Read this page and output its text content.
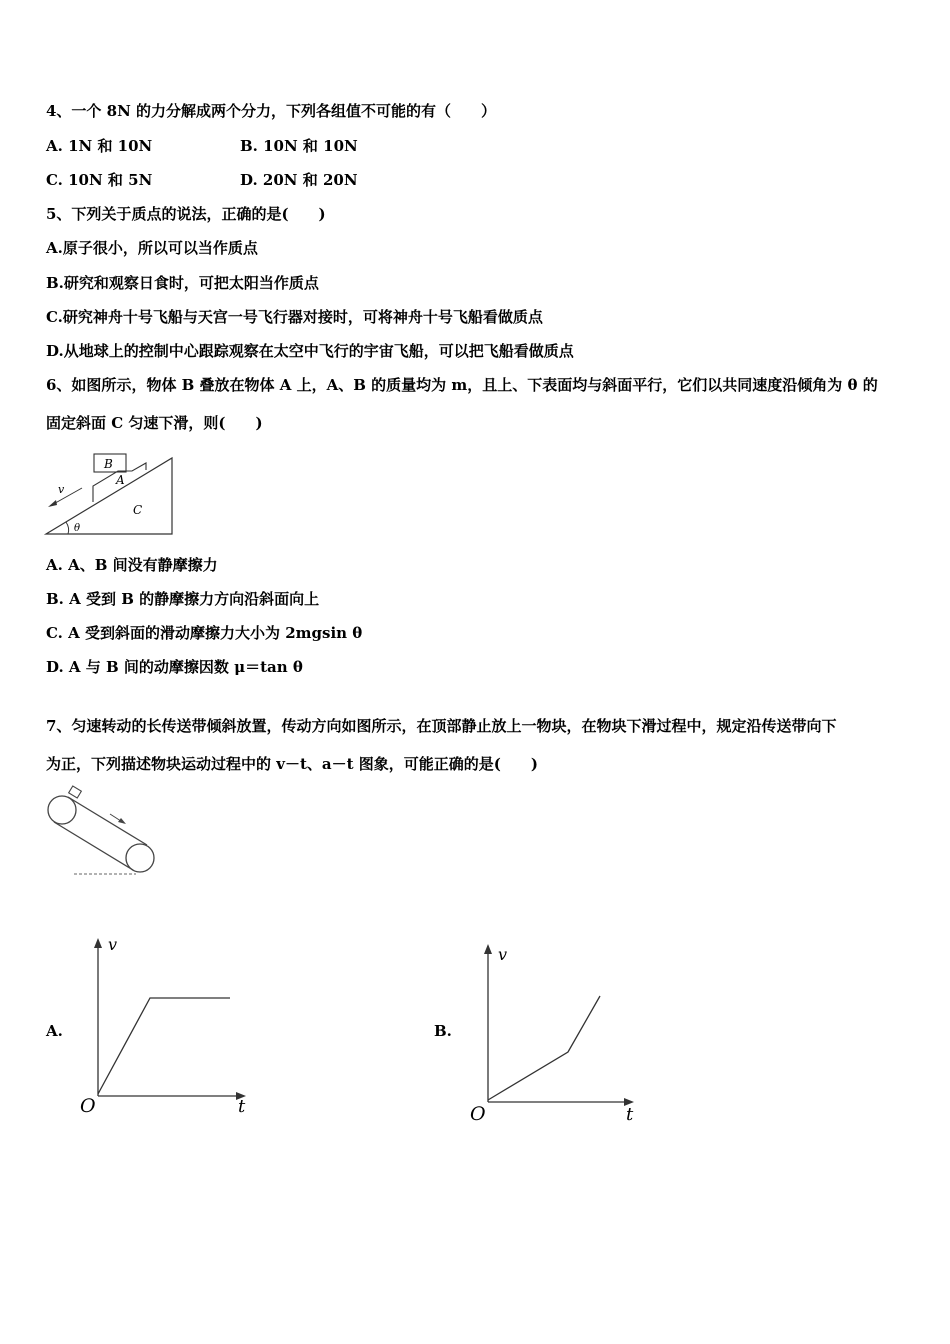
4、一个 8N 的力分解成两个分力，下列各组值不可能的有（　　）
A. 1N 和 10N	B. 10N 和 10N
C. 10N 和 5N	D. 20N 和 20N
5、下列关于质点的说法，正确的是(　　)
A.原子很小，所以可以当作质点
B.研究和观察日食时，可把太阳当作质点
C.研究神舟十号飞船与天宫一号飞行器对接时，可将神舟十号飞船看做质点
D.从地球上的控制中心跟踪观察在太空中飞行的宇宙飞船，可以把飞船看做质点
6、如图所示，物体 B 叠放在物体 A 上，A、B 的质量均为 m，且上、下表面均与斜面平行，它们以共同速度沿倾角为 θ 的
固定斜面 C 匀速下滑，则(　　)
B
A
C
v
θ
A. A、B 间没有静摩擦力
B. A 受到 B 的静摩擦力方向沿斜面向上
C. A 受到斜面的滑动摩擦力大小为 2mgsin θ
D. A 与 B 间的动摩擦因数 μ＝tan θ
7、匀速转动的长传送带倾斜放置，传动方向如图所示，在顶部静止放上一物块，在物块下滑过程中，规定沿传送带向下
为正，下列描述物块运动过程中的 v－t、a－t 图象，可能正确的是(　　)
A.
v
t
O
B.
v
t
O
